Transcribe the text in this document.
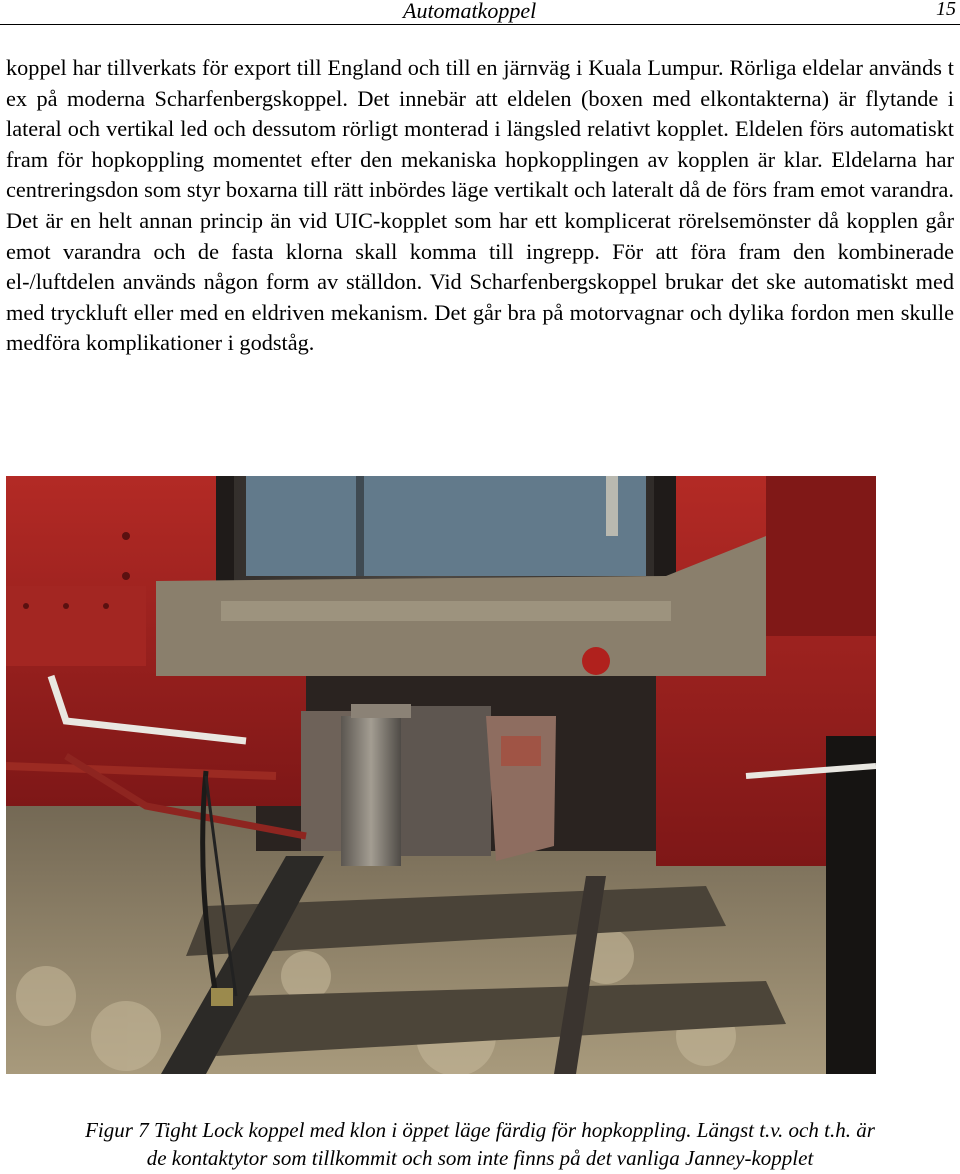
Automatkoppel	15

koppel har tillverkats för export till England och till en järnväg i Kuala Lumpur. Rörliga eldelar används t ex på moderna Scharfenbergskoppel. Det innebär att eldelen (boxen med elkontakterna) är flytande i lateral och vertikal led och dessutom rörligt monterad i längsled relativt kopplet. Eldelen förs automatiskt fram för hopkoppling momentet efter den mekaniska hopkopplingen av kopplen är klar. Eldelarna har centreringsdon som styr boxarna till rätt inbördes läge vertikalt och lateralt då de förs fram emot varandra. Det är en helt annan princip än vid UIC-kopplet som har ett komplicerat rörelsemönster då kopplen går emot varandra och de fasta klorna skall komma till ingrepp. För att föra fram den kombinerade el-/luftdelen används någon form av ställdon. Vid Scharfenbergskoppel brukar det ske automatiskt med med tryckluft eller med en eldriven mekanism. Det går bra på motorvagnar och dylika fordon men skulle medföra komplikationer i godståg.

Figur 7 Tight Lock koppel med klon i öppet läge färdig för hopkoppling. Längst t.v. och t.h. är
de kontaktytor som tillkommit och som inte finns på det vanliga Janney-kopplet
